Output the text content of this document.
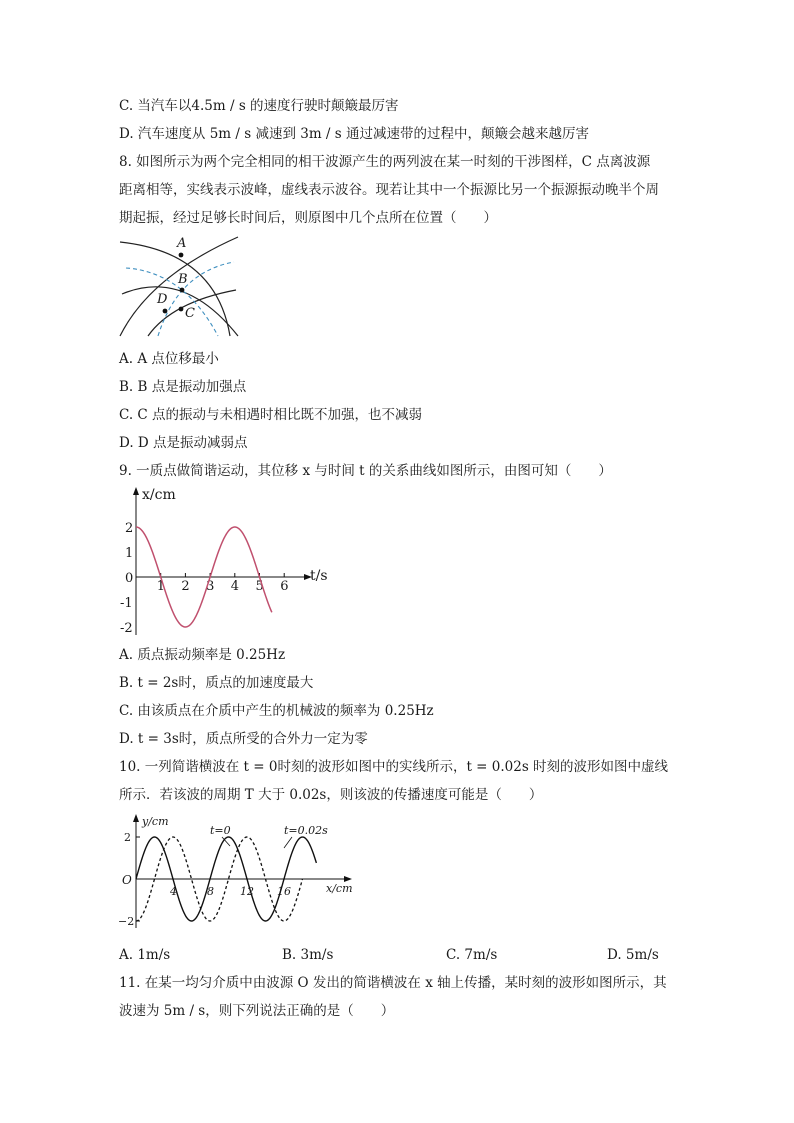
C. 当汽车以4.5m / s 的速度行驶时颠簸最厉害
D. 汽车速度从 5m / s 减速到 3m / s 通过减速带的过程中，颠簸会越来越厉害
8. 如图所示为两个完全相同的相干波源产生的两列波在某一时刻的干涉图样，C 点离波源
距离相等，实线表示波峰，虚线表示波谷。现若让其中一个振源比另一个振源振动晚半个周
期起振，经过足够长时间后，则原图中几个点所在位置（　　）
A
B
C
D
A. A 点位移最小
B. B 点是振动加强点
C. C 点的振动与未相遇时相比既不加强，也不减弱
D. D 点是振动减弱点
9. 一质点做简谐运动，其位移 x 与时间 t 的关系曲线如图所示，由图可知（　　）
x/cm
t/s
1 2 3 4 5 6
2
1
0
-1
-2
A. 质点振动频率是 0.25Hz
B. t = 2s时，质点的加速度最大
C. 由该质点在介质中产生的机械波的频率为 0.25Hz
D. t = 3s时，质点所受的合外力一定为零
10. 一列简谐横波在 t = 0时刻的波形如图中的实线所示，t = 0.02s 时刻的波形如图中虚线
所示．若该波的周期 T 大于 0.02s，则该波的传播速度可能是（　　）
y/cm
x/cm
O
t=0	t=0.02s
4	8 12 16
2
−2
A. 1m/s	B. 3m/s	C. 7m/s	D. 5m/s
11. 在某一均匀介质中由波源 O 发出的简谐横波在 x 轴上传播，某时刻的波形如图所示，其
波速为 5m / s，则下列说法正确的是（　　）
